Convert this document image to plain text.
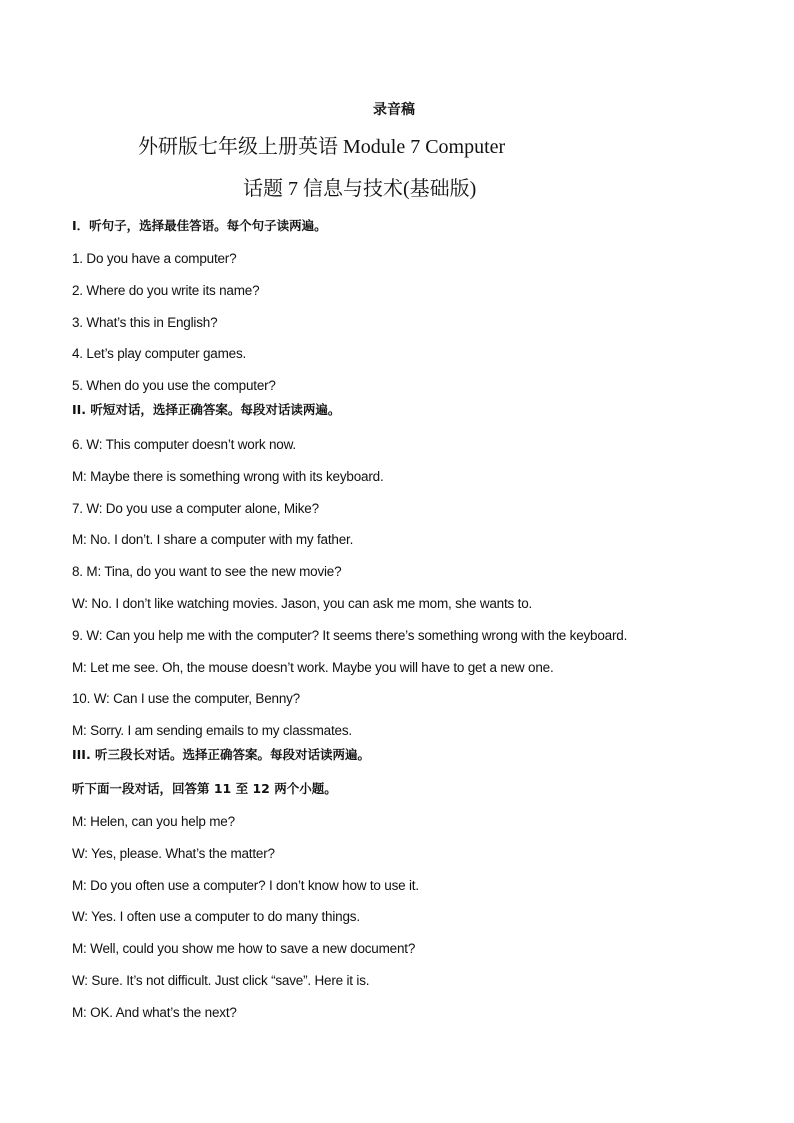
录音稿
外研版七年级上册英语 Module 7 Computer
话题 7 信息与技术(基础版)
Ⅰ．听句子，选择最佳答语。每个句子读两遍。
1. Do you have a computer?
2. Where do you write its name?
3. What’s this in English?
4. Let’s play computer games.
5. When do you use the computer?
II. 听短对话，选择正确答案。每段对话读两遍。
6. W: This computer doesn’t work now.
M: Maybe there is something wrong with its keyboard.
7. W: Do you use a computer alone, Mike?
M: No. I don’t. I share a computer with my father.
8. M: Tina, do you want to see the new movie?
W: No. I don’t like watching movies. Jason, you can ask me mom, she wants to.
9. W: Can you help me with the computer? It seems there’s something wrong with the keyboard.
M: Let me see. Oh, the mouse doesn’t work. Maybe you will have to get a new one.
10. W: Can I use the computer, Benny?
M: Sorry. I am sending emails to my classmates.
III. 听三段长对话。选择正确答案。每段对话读两遍。
听下面一段对话，回答第 11 至 12 两个小题。
M: Helen, can you help me?
W: Yes, please. What’s the matter?
M: Do you often use a computer? I don’t know how to use it.
W: Yes. I often use a computer to do many things.
M: Well, could you show me how to save a new document?
W: Sure. It’s not difficult. Just click “save”. Here it is.
M: OK. And what’s the next?
